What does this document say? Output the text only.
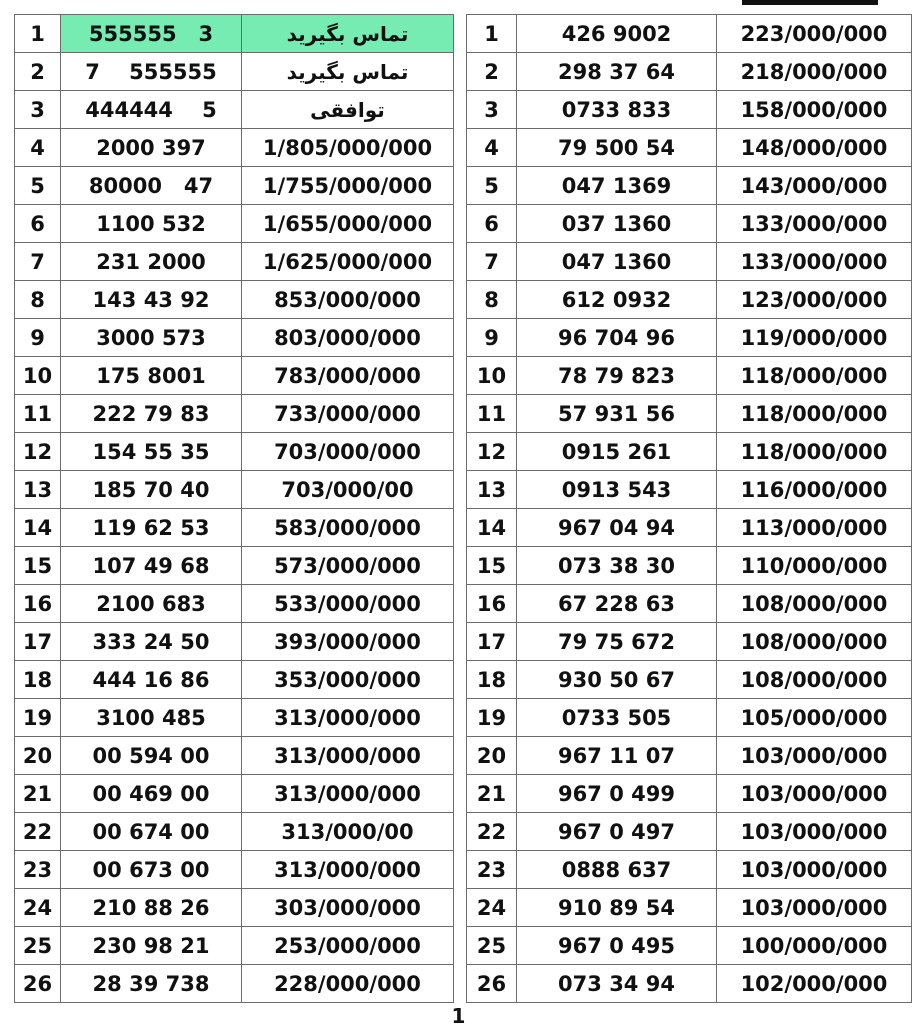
1	555555   3	تماس بگیرید
2	7    555555	تماس بگیرید
3	444444    5	توافقی
4	2000 397	1/805/000/000
5	80000   47	1/755/000/000
6	1100 532	1/655/000/000
7	231 2000	1/625/000/000
8	143 43 92	853/000/000
9	3000 573	803/000/000
10	175 8001	783/000/000
11	222 79 83	733/000/000
12	154 55 35	703/000/000
13	185 70 40	703/000/00
14	119 62 53	583/000/000
15	107 49 68	573/000/000
16	2100 683	533/000/000
17	333 24 50	393/000/000
18	444 16 86	353/000/000
19	3100 485	313/000/000
20	00 594 00	313/000/000
21	00 469 00	313/000/000
22	00 674 00	313/000/00
23	00 673 00	313/000/000
24	210 88 26	303/000/000
25	230 98 21	253/000/000
26	28 39 738	228/000/000
1	426 9002	223/000/000
2	298 37 64	218/000/000
3	0733 833	158/000/000
4	79 500 54	148/000/000
5	047 1369	143/000/000
6	037 1360	133/000/000
7	047 1360	133/000/000
8	612 0932	123/000/000
9	96 704 96	119/000/000
10	78 79 823	118/000/000
11	57 931 56	118/000/000
12	0915 261	118/000/000
13	0913 543	116/000/000
14	967 04 94	113/000/000
15	073 38 30	110/000/000
16	67 228 63	108/000/000
17	79 75 672	108/000/000
18	930 50 67	108/000/000
19	0733 505	105/000/000
20	967 11 07	103/000/000
21	967 0 499	103/000/000
22	967 0 497	103/000/000
23	0888 637	103/000/000
24	910 89 54	103/000/000
25	967 0 495	100/000/000
26	073 34 94	102/000/000
1
